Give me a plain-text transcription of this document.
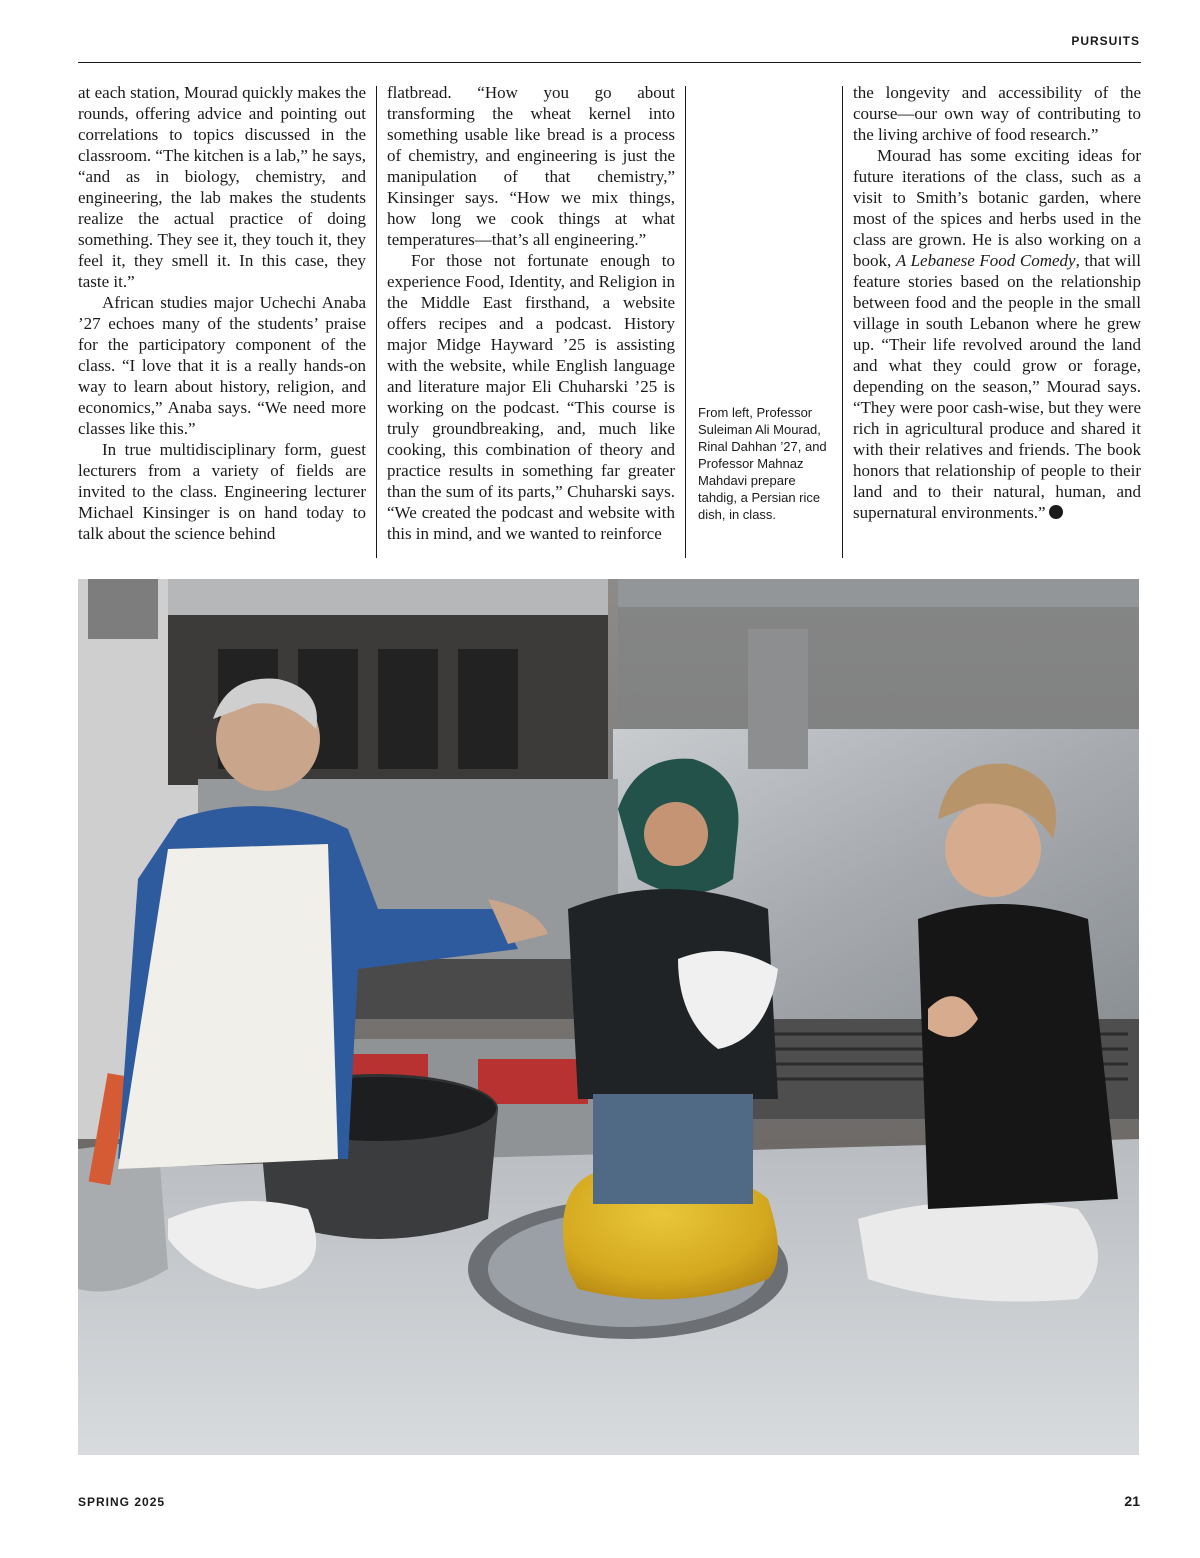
PURSUITS

at each station, Mourad quickly makes the rounds, offering advice and pointing out correlations to topics discussed in the classroom. “The kitchen is a lab,” he says, “and as in biology, chemistry, and engineering, the lab makes the students realize the actual practice of doing something. They see it, they touch it, they feel it, they smell it. In this case, they taste it.”

African studies major Uchechi Anaba ’27 echoes many of the students’ praise for the participatory component of the class. “I love that it is a really hands-on way to learn about history, religion, and economics,” Anaba says. “We need more classes like this.”

In true multidisciplinary form, guest lecturers from a variety of fields are invited to the class. Engineering lecturer Michael Kinsinger is on hand today to talk about the science behind

flatbread. “How you go about transforming the wheat kernel into something usable like bread is a process of chemistry, and engineering is just the manipulation of that chemistry,” Kinsinger says. “How we mix things, how long we cook things at what temperatures—that’s all engineering.”

For those not fortunate enough to experience Food, Identity, and Religion in the Middle East firsthand, a website offers recipes and a podcast. History major Midge Hayward ’25 is assisting with the website, while English language and literature major Eli Chuharski ’25 is working on the podcast. “This course is truly groundbreaking, and, much like cooking, this combination of theory and practice results in something far greater than the sum of its parts,” Chuharski says. “We created the podcast and website with this in mind, and we wanted to reinforce

From left, Professor Suleiman Ali Mourad, Rinal Dahhan ’27, and Professor Mahnaz Mahdavi prepare tahdig, a Persian rice dish, in class.

the longevity and accessibility of the course—our own way of contributing to the living archive of food research.”

Mourad has some exciting ideas for future iterations of the class, such as a visit to Smith’s botanic garden, where most of the spices and herbs used in the class are grown. He is also working on a book, A Lebanese Food Comedy, that will feature stories based on the relationship between food and the people in the small village in south Lebanon where he grew up. “Their life revolved around the land and what they could grow or forage, depending on the season,” Mourad says. “They were poor cash-wise, but they were rich in agricultural produce and shared it with their relatives and friends. The book honors that relationship of people to their land and to their natural, human, and supernatural environments.”

SPRING 2025	21
